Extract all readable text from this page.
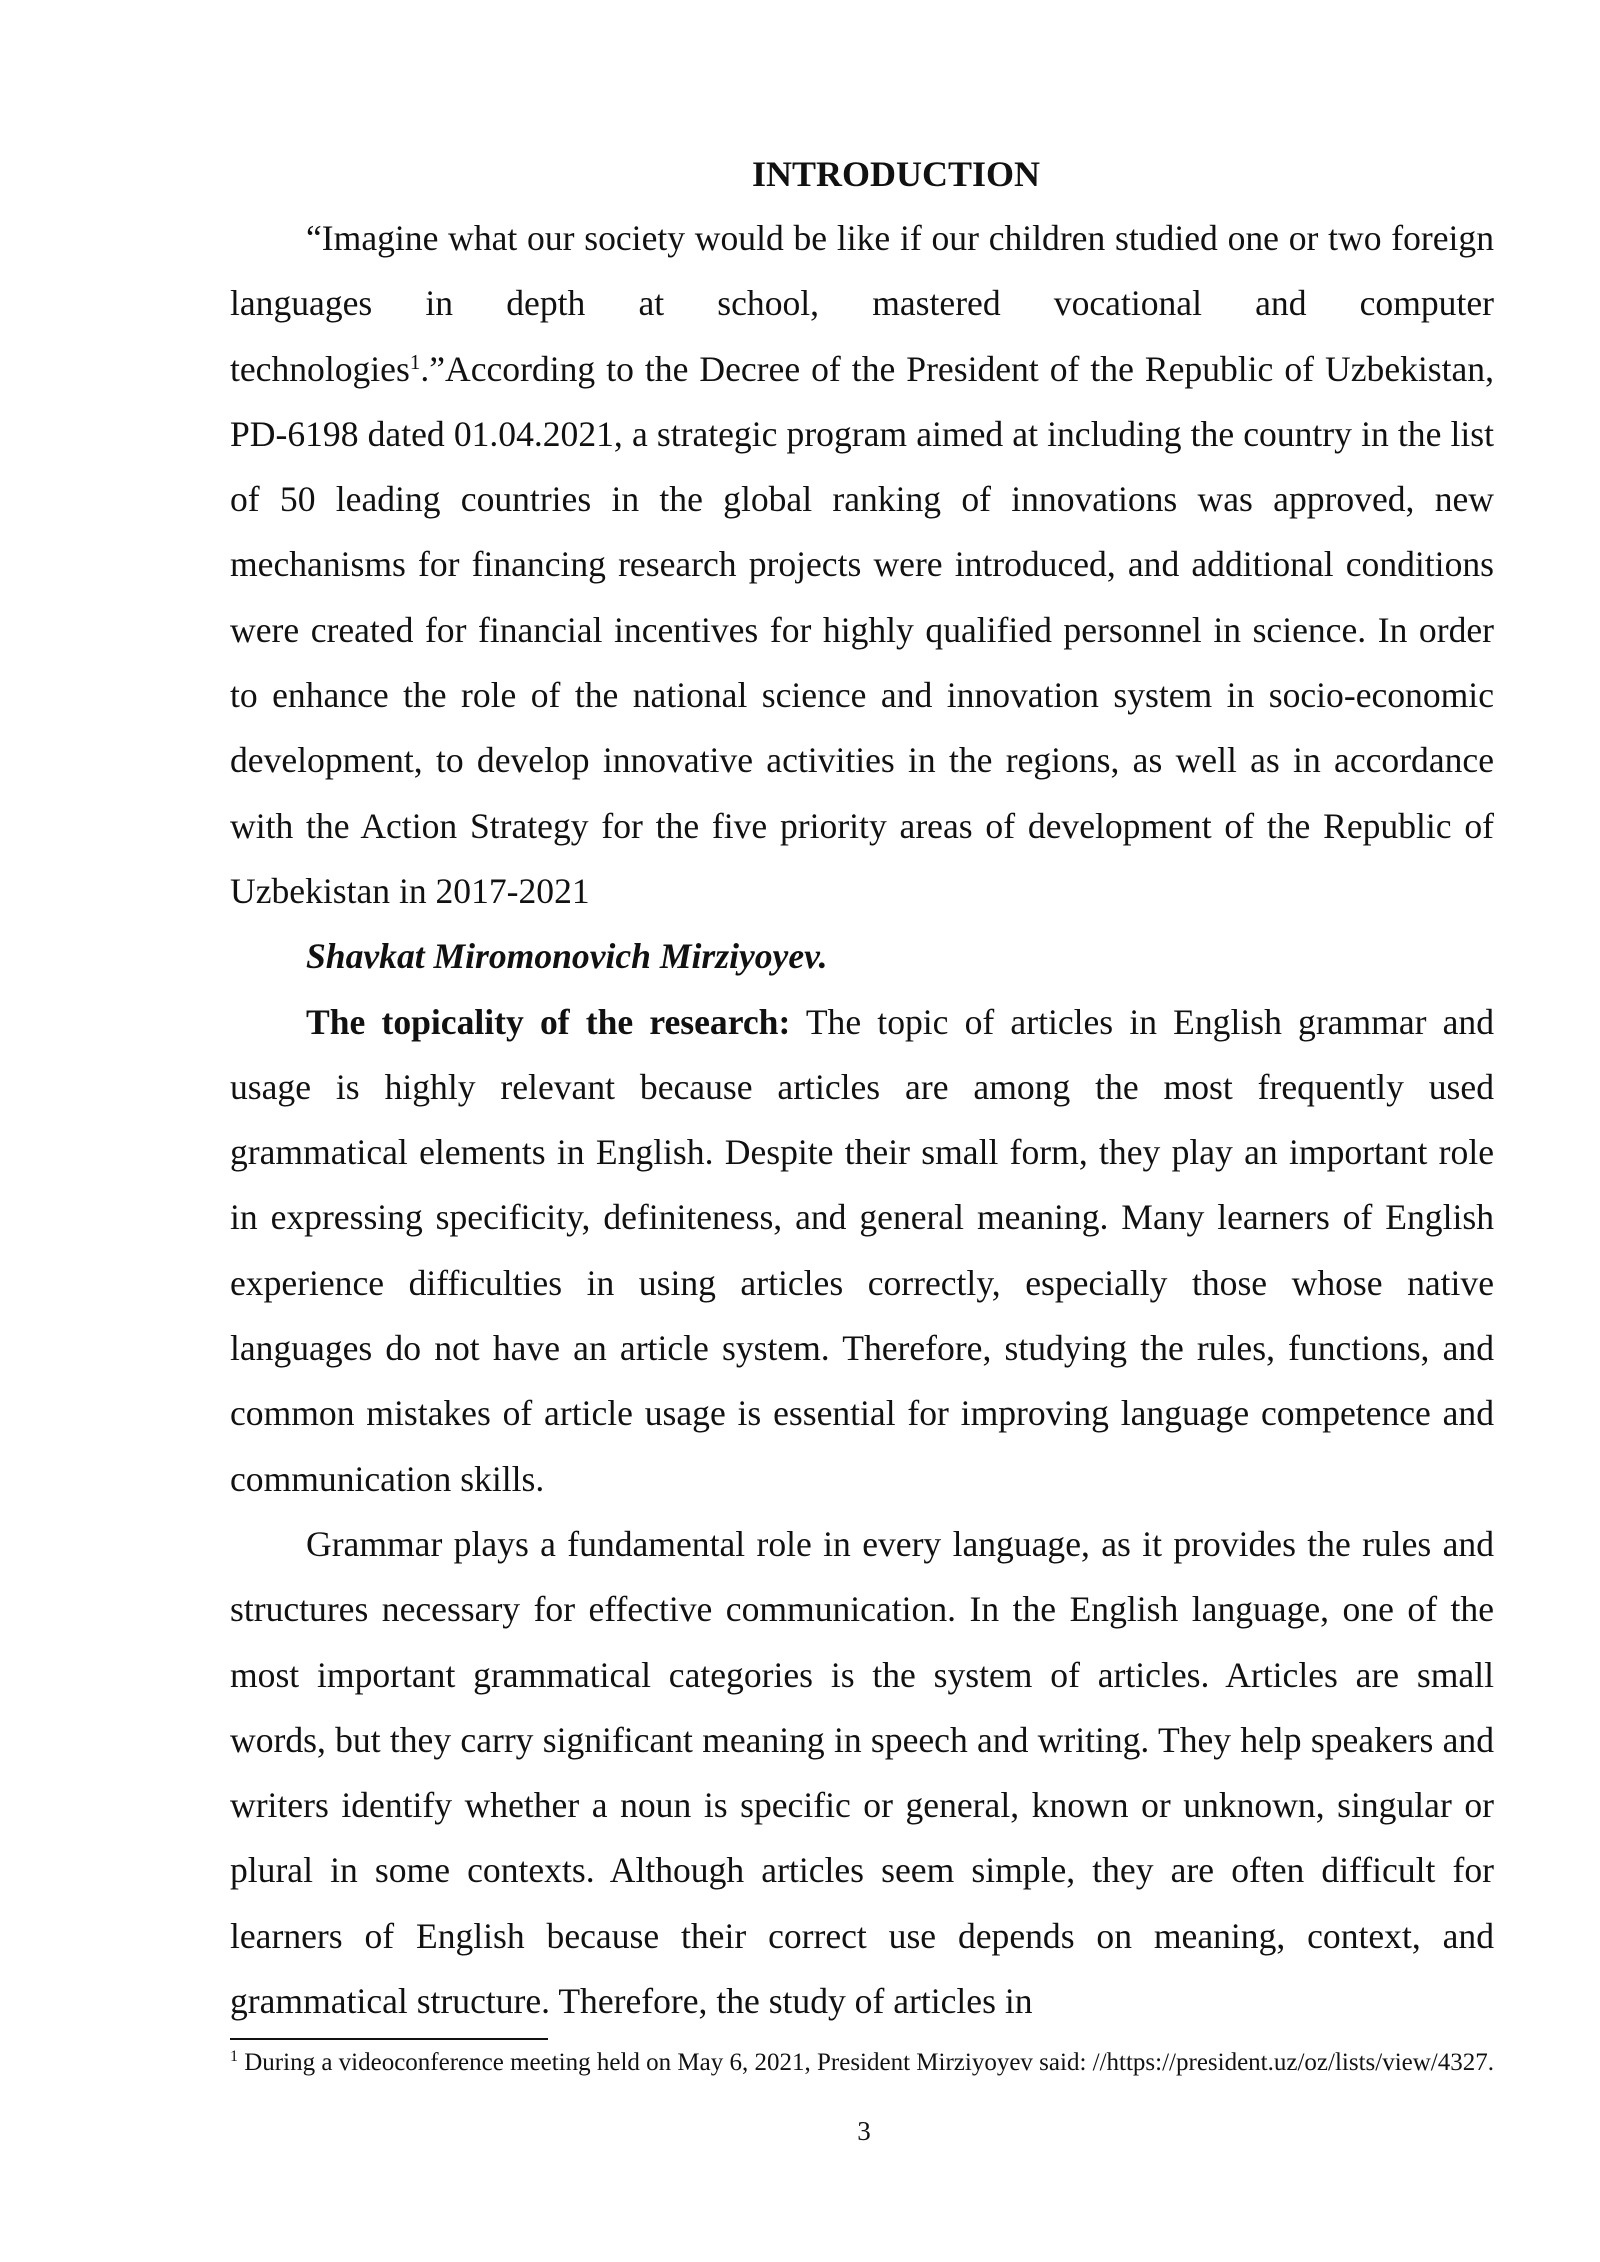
INTRODUCTION

“Imagine what our society would be like if our children studied one or two foreign languages in depth at school, mastered vocational and computer technologies$^1$.”According to the Decree of the President of the Republic of Uzbekistan, PD-6198 dated 01.04.2021, a strategic program aimed at including the country in the list of 50 leading countries in the global ranking of innovations was approved, new mechanisms for financing research projects were introduced, and additional conditions were created for financial incentives for highly qualified personnel in science. In order to enhance the role of the national science and innovation system in socio-economic development, to develop innovative activities in the regions, as well as in accordance with the Action Strategy for the five priority areas of development of the Republic of Uzbekistan in 2017-2021

Shavkat Miromonovich Mirziyoyev.

The topicality of the research: The topic of articles in English grammar and usage is highly relevant because articles are among the most frequently used grammatical elements in English. Despite their small form, they play an important role in expressing specificity, definiteness, and general meaning. Many learners of English experience difficulties in using articles correctly, especially those whose native languages do not have an article system. Therefore, studying the rules, functions, and common mistakes of article usage is essential for improving language competence and communication skills.

Grammar plays a fundamental role in every language, as it provides the rules and structures necessary for effective communication. In the English language, one of the most important grammatical categories is the system of articles. Articles are small words, but they carry significant meaning in speech and writing. They help speakers and writers identify whether a noun is specific or general, known or unknown, singular or plural in some contexts. Although articles seem simple, they are often difficult for learners of English because their correct use depends on meaning, context, and grammatical structure. Therefore, the study of articles in

$^1$ During a videoconference meeting held on May 6, 2021, President Mirziyoyev said: //https://president.uz/oz/lists/view/4327.
3
